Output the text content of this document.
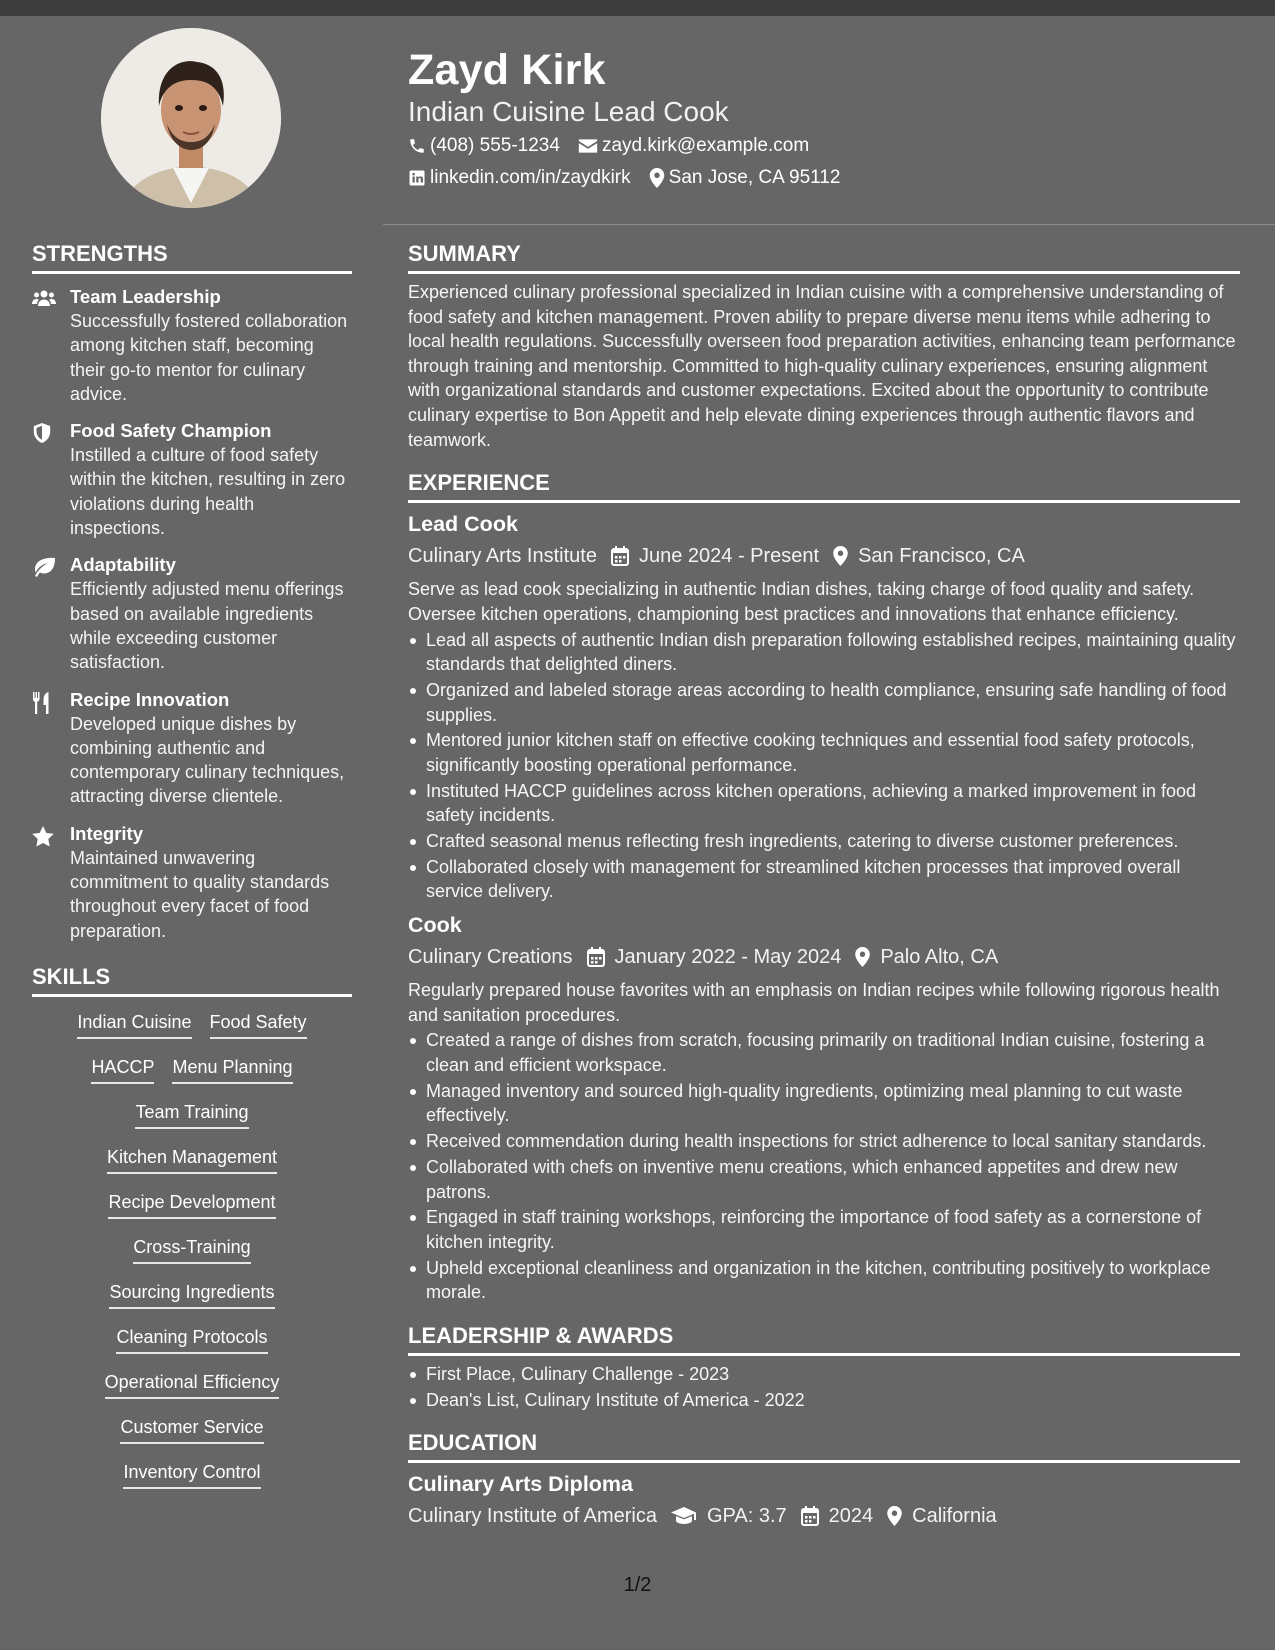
Zayd Kirk
Indian Cuisine Lead Cook
(408) 555-1234 zayd.kirk@example.com
linkedin.com/in/zaydkirk San Jose, CA 95112
STRENGTHS
Team Leadership
Successfully fostered collaboration among kitchen staff, becoming their go-to mentor for culinary advice.
Food Safety Champion
Instilled a culture of food safety within the kitchen, resulting in zero violations during health inspections.
Adaptability
Efficiently adjusted menu offerings based on available ingredients while exceeding customer satisfaction.
Recipe Innovation
Developed unique dishes by combining authentic and contemporary culinary techniques, attracting diverse clientele.
Integrity
Maintained unwavering commitment to quality standards throughout every facet of food preparation.
SKILLS
Indian Cuisine Food Safety
HACCP Menu Planning
Team Training
Kitchen Management
Recipe Development
Cross-Training
Sourcing Ingredients
Cleaning Protocols
Operational Efficiency
Customer Service
Inventory Control
SUMMARY

Experienced culinary professional specialized in Indian cuisine with a comprehensive understanding of food safety and kitchen management. Proven ability to prepare diverse menu items while adhering to local health regulations. Successfully overseen food preparation activities, enhancing team performance through training and mentorship. Committed to high-quality culinary experiences, ensuring alignment with organizational standards and customer expectations. Excited about the opportunity to contribute culinary expertise to Bon Appetit and help elevate dining experiences through authentic flavors and teamwork.

EXPERIENCE
Lead Cook
Culinary Arts Institute June 2024 - Present San Francisco, CA
Serve as lead cook specializing in authentic Indian dishes, taking charge of food quality and safety. Oversee kitchen operations, championing best practices and innovations that enhance efficiency.
Lead all aspects of authentic Indian dish preparation following established recipes, maintaining quality standards that delighted diners.
Organized and labeled storage areas according to health compliance, ensuring safe handling of food supplies.
Mentored junior kitchen staff on effective cooking techniques and essential food safety protocols, significantly boosting operational performance.
Instituted HACCP guidelines across kitchen operations, achieving a marked improvement in food safety incidents.
Crafted seasonal menus reflecting fresh ingredients, catering to diverse customer preferences.
Collaborated closely with management for streamlined kitchen processes that improved overall service delivery.
Cook
Culinary Creations January 2022 - May 2024 Palo Alto, CA
Regularly prepared house favorites with an emphasis on Indian recipes while following rigorous health and sanitation procedures.
Created a range of dishes from scratch, focusing primarily on traditional Indian cuisine, fostering a clean and efficient workspace.
Managed inventory and sourced high-quality ingredients, optimizing meal planning to cut waste effectively.
Received commendation during health inspections for strict adherence to local sanitary standards.
Collaborated with chefs on inventive menu creations, which enhanced appetites and drew new patrons.
Engaged in staff training workshops, reinforcing the importance of food safety as a cornerstone of kitchen integrity.
Upheld exceptional cleanliness and organization in the kitchen, contributing positively to workplace morale.
LEADERSHIP & AWARDS
First Place, Culinary Challenge - 2023
Dean's List, Culinary Institute of America - 2022
EDUCATION
Culinary Arts Diploma
Culinary Institute of America	GPA: 3.7 2024 California
1/2
